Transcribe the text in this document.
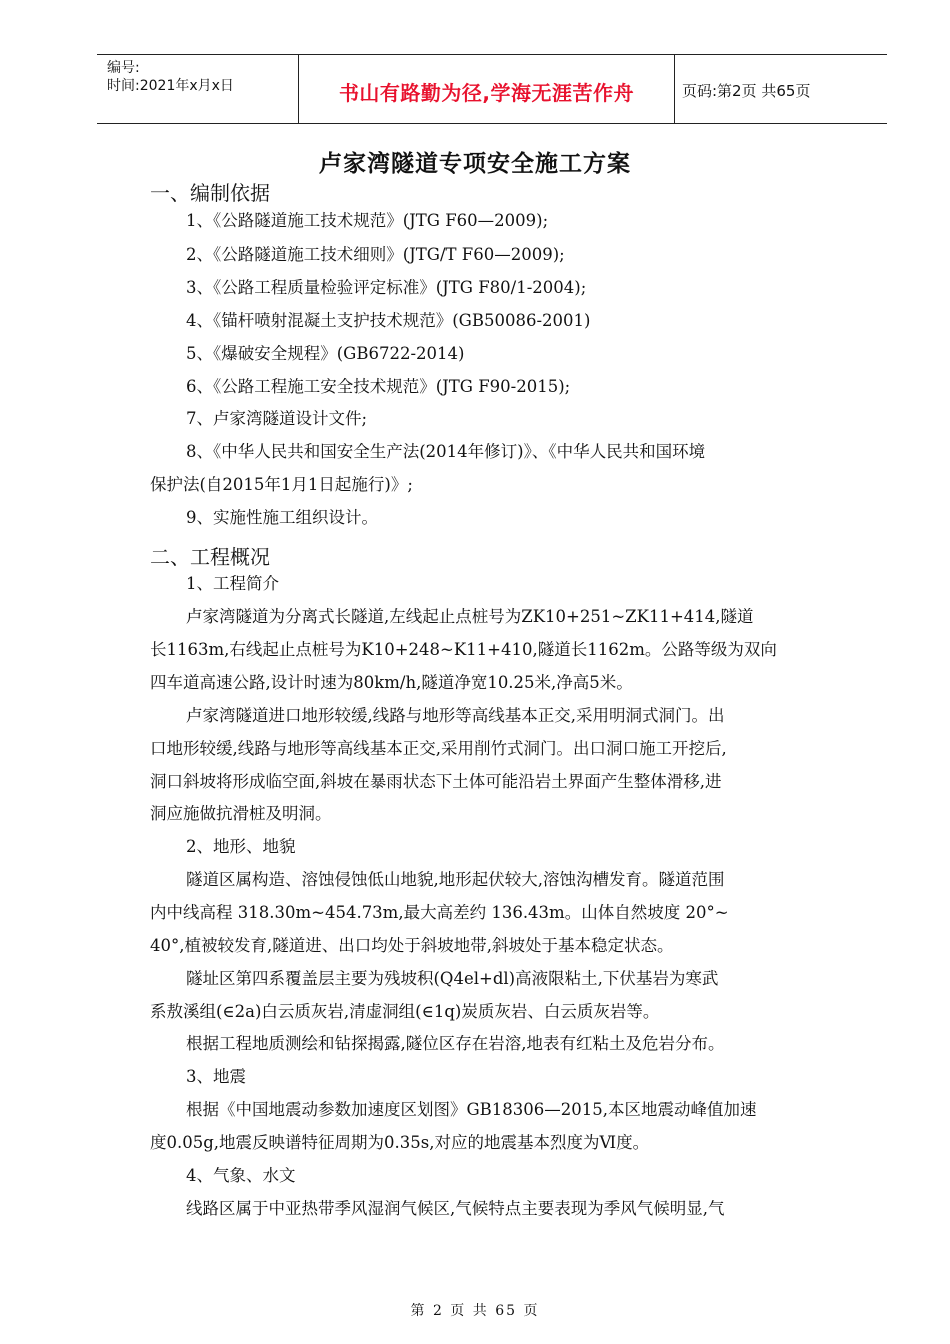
编号:
时间:2021年x月x日	书山有路勤为径,学海无涯苦作舟	页码:第2页 共65页
卢家湾隧道专项安全施工方案
一、编制依据
1、《公路隧道施工技术规范》(JTG F60—2009);
2、《公路隧道施工技术细则》(JTG/T F60—2009);
3、《公路工程质量检验评定标准》(JTG F80/1-2004);
4、《锚杆喷射混凝土支护技术规范》(GB50086-2001)
5、《爆破安全规程》(GB6722-2014)
6、《公路工程施工安全技术规范》(JTG F90-2015);
7、卢家湾隧道设计文件;
8、《中华人民共和国安全生产法(2014年修订)》、《中华人民共和国环境
保护法(自2015年1月1日起施行)》;
9、实施性施工组织设计。
二、工程概况
1、工程简介
卢家湾隧道为分离式长隧道,左线起止点桩号为ZK10+251~ZK11+414,隧道
长1163m,右线起止点桩号为K10+248~K11+410,隧道长1162m。公路等级为双向
四车道高速公路,设计时速为80km/h,隧道净宽10.25米,净高5米。
卢家湾隧道进口地形较缓,线路与地形等高线基本正交,采用明洞式洞门。出
口地形较缓,线路与地形等高线基本正交,采用削竹式洞门。出口洞口施工开挖后,
洞口斜坡将形成临空面,斜坡在暴雨状态下土体可能沿岩土界面产生整体滑移,进
洞应施做抗滑桩及明洞。
2、地形、地貌
隧道区属构造、溶蚀侵蚀低山地貌,地形起伏较大,溶蚀沟槽发育。隧道范围
内中线高程 318.30m~454.73m,最大高差约 136.43m。山体自然坡度 20°~
40°,植被较发育,隧道进、出口均处于斜坡地带,斜坡处于基本稳定状态。
隧址区第四系覆盖层主要为残坡积(Q4el+dl)高液限粘土,下伏基岩为寒武
系敖溪组(∈2a)白云质灰岩,清虚洞组(∈1q)炭质灰岩、白云质灰岩等。
根据工程地质测绘和钻探揭露,隧位区存在岩溶,地表有红粘土及危岩分布。
3、地震
根据《中国地震动参数加速度区划图》GB18306—2015,本区地震动峰值加速
度0.05g,地震反映谱特征周期为0.35s,对应的地震基本烈度为Ⅵ度。
4、气象、水文
线路区属于中亚热带季风湿润气候区,气候特点主要表现为季风气候明显,气
第 2 页 共 65 页
